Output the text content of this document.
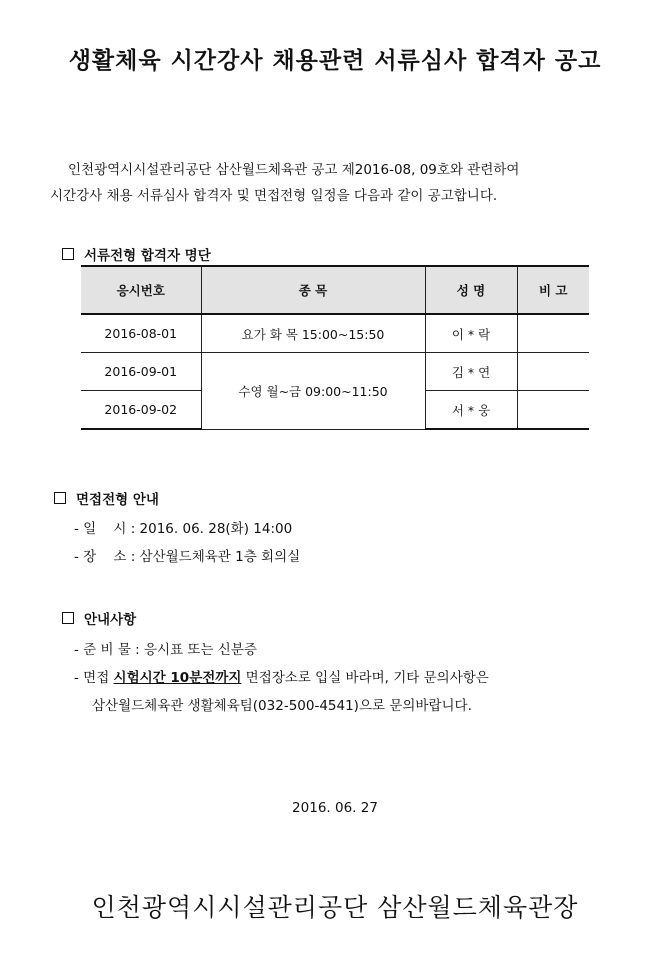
생활체육 시간강사 채용관련 서류심사 합격자 공고
인천광역시시설관리공단 삼산월드체육관 공고 제2016-08, 09호와 관련하여
시간강사 채용 서류심사 합격자 및 면접전형 일정을 다음과 같이 공고합니다.
서류전형 합격자 명단
응시번호	종 목	성 명	비 고
2016-08-01	요가 화 목 15:00~15:50	이 * 락	
2016-09-01	수영 월~금 09:00~11:50	김 * 연	
2016-09-02		서 * 웅	
면접전형 안내
- 일    시 : 2016. 06. 28(화) 14:00
- 장    소 : 삼산월드체육관 1층 회의실
안내사항
- 준 비 물 : 응시표 또는 신분증
- 면접 시험시간 10분전까지 면접장소로 입실 바라며, 기타 문의사항은
삼산월드체육관 생활체육팀(032-500-4541)으로 문의바랍니다.
2016. 06. 27
인천광역시시설관리공단 삼산월드체육관장
